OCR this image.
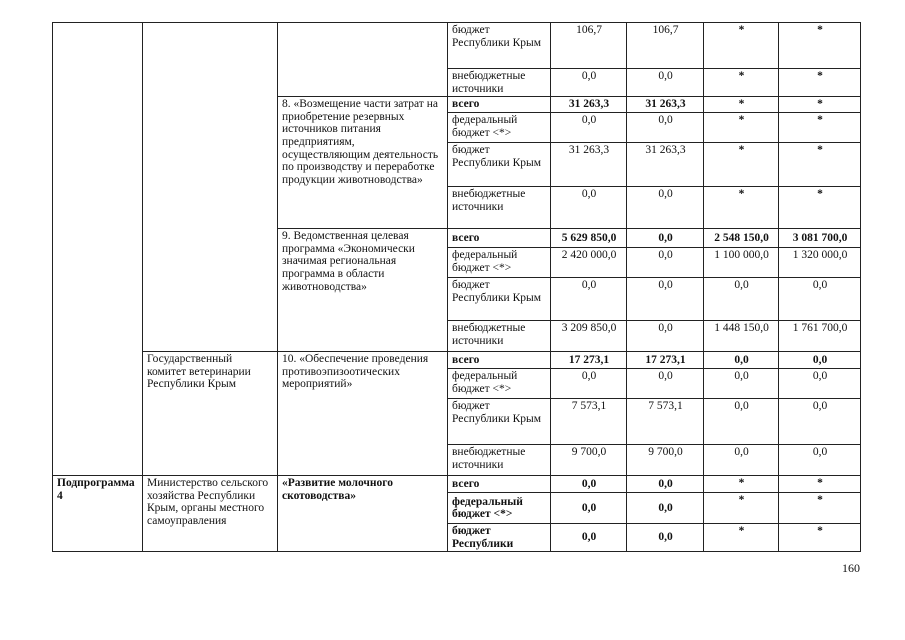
			бюджет Республики Крым	106,7	106,7	*	*
			внебюджетные источники	0,0	0,0	*	*
		8. «Возмещение части затрат на приобретение резервных источников питания предприятиям, осуществляющим деятельность по производству и переработке продукции животноводства»	всего	31 263,3	31 263,3	*	*
			федеральный бюджет <*>	0,0	0,0	*	*
			бюджет Республики Крым	31 263,3	31 263,3	*	*
			внебюджетные источники	0,0	0,0	*	*
		9. Ведомственная целевая программа «Экономически значимая региональная программа в области животноводства»	всего	5 629 850,0	0,0	2 548 150,0	3 081 700,0
			федеральный бюджет <*>	2 420 000,0	0,0	1 100 000,0	1 320 000,0
			бюджет Республики Крым	0,0	0,0	0,0	0,0
			внебюджетные источники	3 209 850,0	0,0	1 448 150,0	1 761 700,0
	Государственный комитет ветеринарии Республики Крым	10. «Обеспечение проведения противоэпизоотических мероприятий»	всего	17 273,1	17 273,1	0,0	0,0
			федеральный бюджет <*>	0,0	0,0	0,0	0,0
			бюджет Республики Крым	7 573,1	7 573,1	0,0	0,0
			внебюджетные источники	9 700,0	9 700,0	0,0	0,0
Подпрограмма 4	Министерство сельского хозяйства Республики Крым, органы местного самоуправления	«Развитие молочного скотоводства»	всего	0,0	0,0	*	*
			федеральный бюджет <*>	0,0	0,0	*	*
			бюджет Республики	0,0	0,0	*	*
160
